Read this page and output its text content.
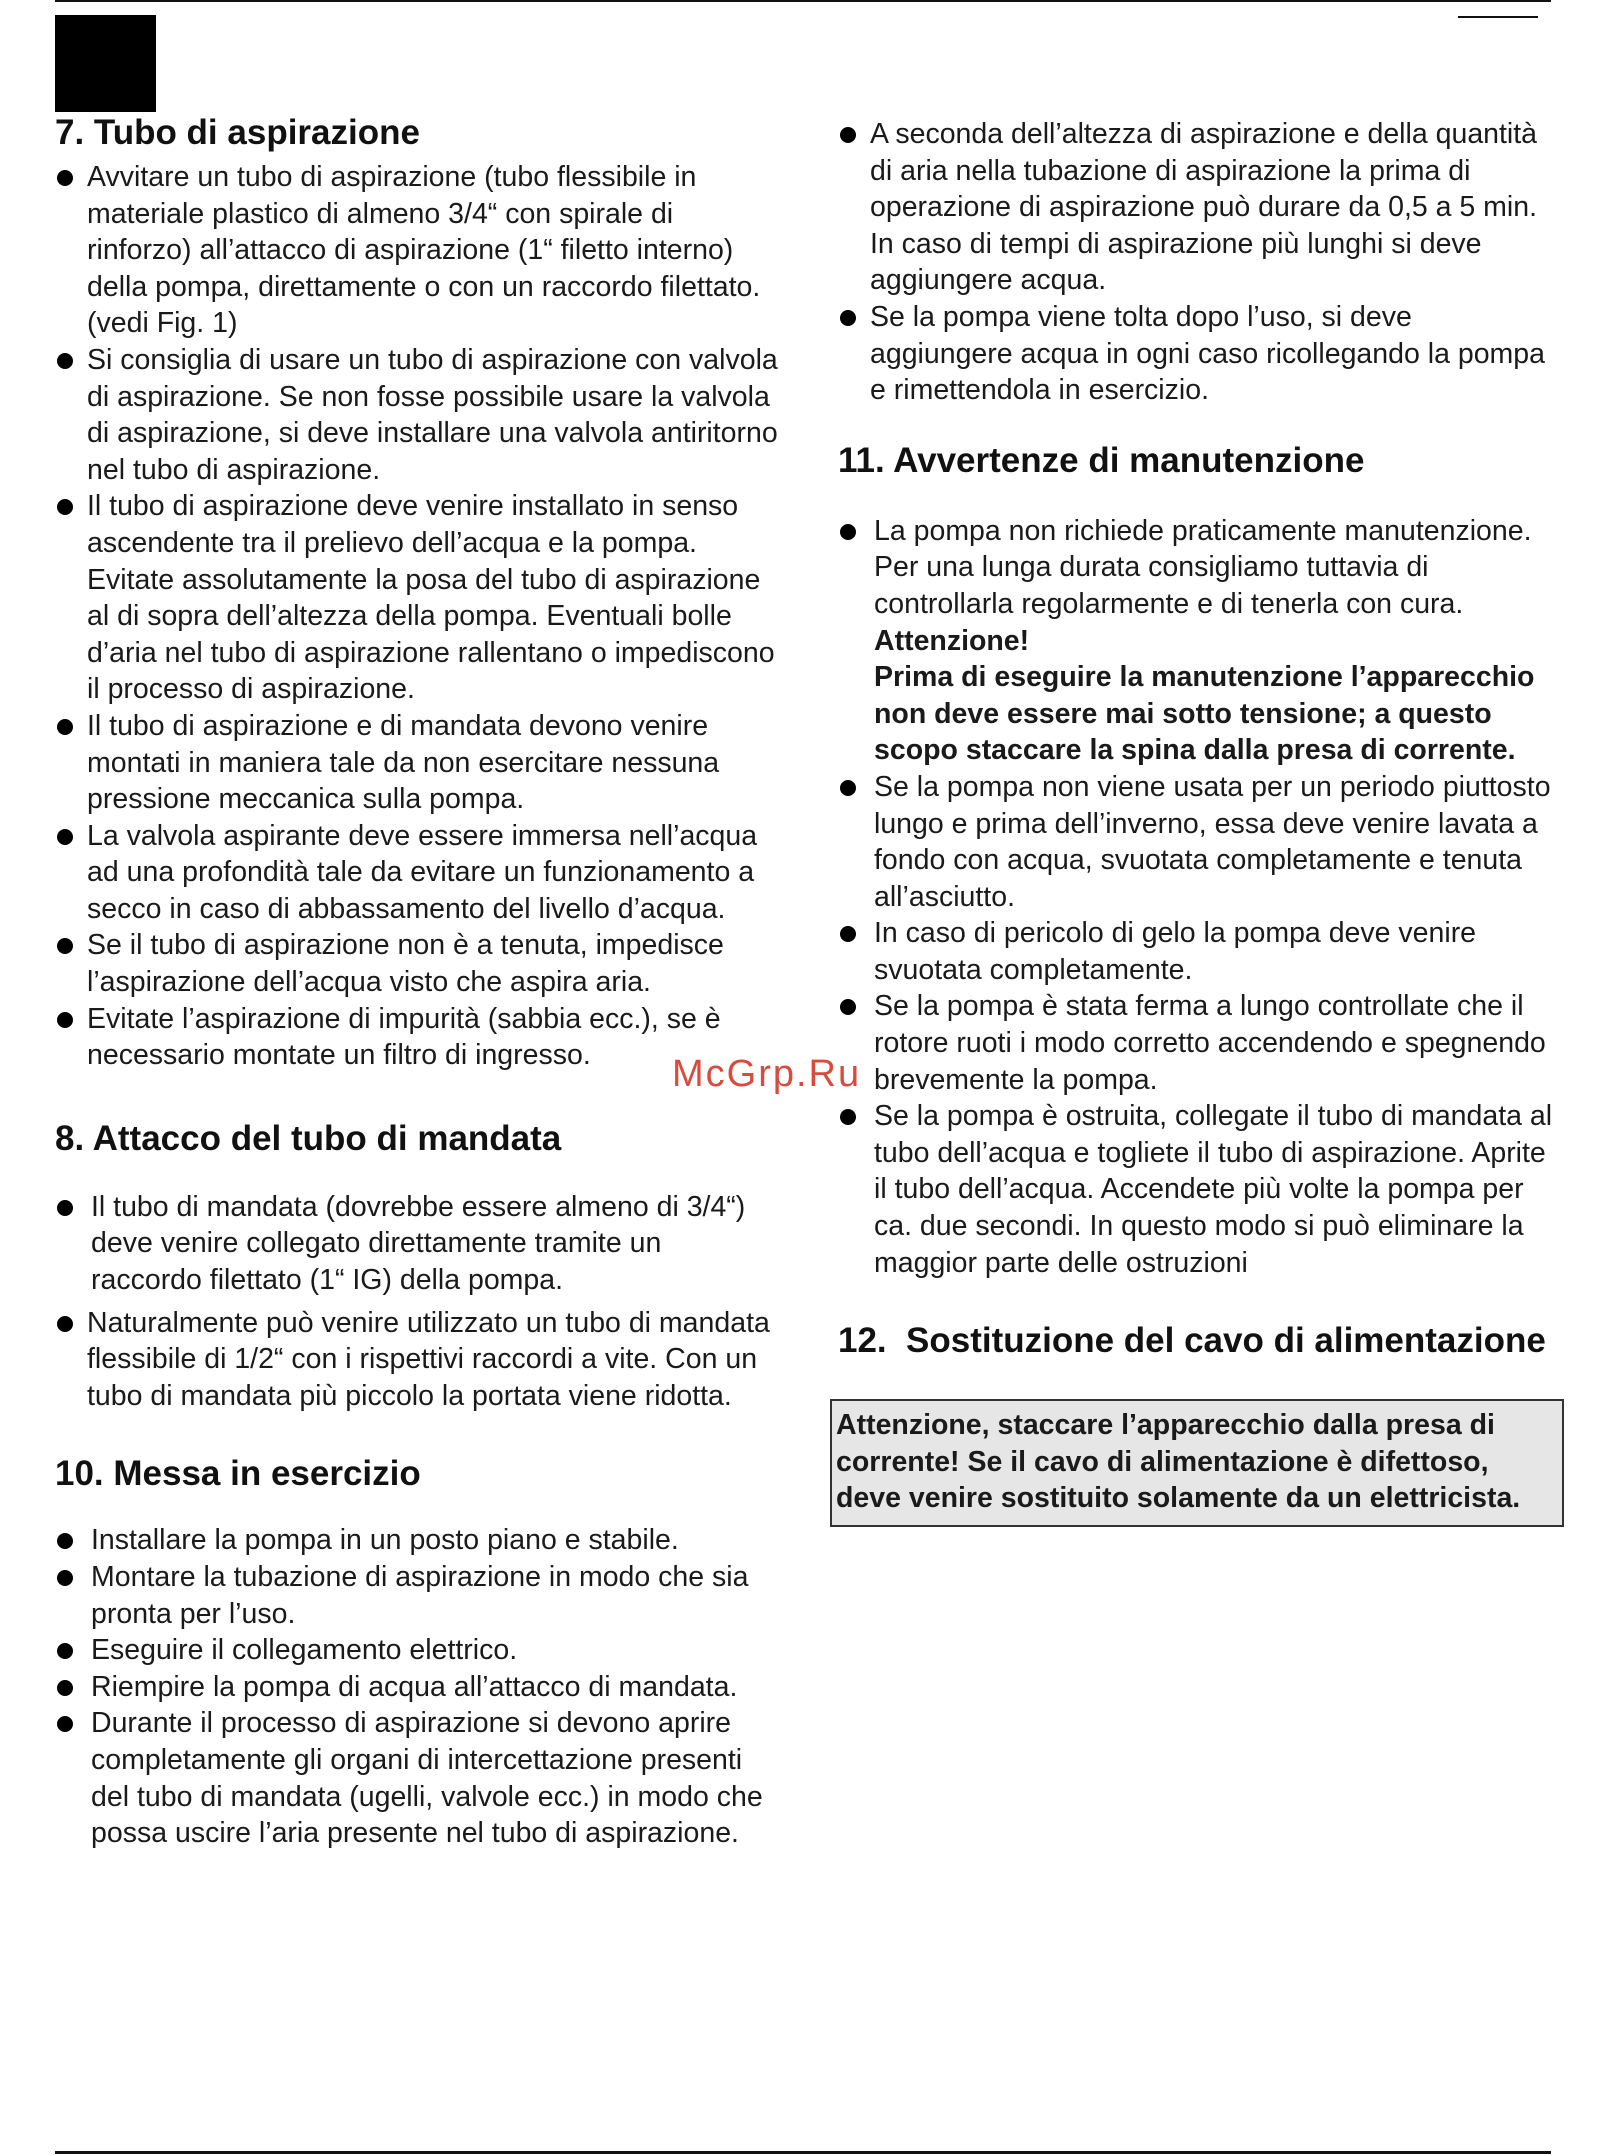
7. Tubo di aspirazione
Avvitare un tubo di aspirazione (tubo flessibile in materiale plastico di almeno 3/4“ con spirale di rinforzo) all’attacco di aspirazione (1“ filetto interno) della pompa, direttamente o con un raccordo filettato. (vedi Fig. 1)
Si consiglia di usare un tubo di aspirazione con valvola di aspirazione. Se non fosse possibile usare la valvola di aspirazione, si deve installare una valvola antiritorno nel tubo di aspirazione.
Il tubo di aspirazione deve venire installato in senso ascendente tra il prelievo dell’acqua e la pompa. Evitate assolutamente la posa del tubo di aspirazione al di sopra dell’altezza della pompa. Eventuali bolle d’aria nel tubo di aspirazione rallentano o impediscono il processo di aspirazione.
Il tubo di aspirazione e di mandata devono venire montati in maniera tale da non esercitare nessuna pressione meccanica sulla pompa.
La valvola aspirante deve essere immersa nell’acqua ad una profondità tale da evitare un funzionamento a secco in caso di abbassamento del livello d’acqua.
Se il tubo di aspirazione non è a tenuta, impedisce l’aspirazione dell’acqua visto che aspira aria.
Evitate l’aspirazione di impurità (sabbia ecc.), se è necessario montate un filtro di ingresso.
8. Attacco del tubo di mandata
Il tubo di mandata (dovrebbe essere almeno di 3/4“) deve venire collegato direttamente tramite un raccordo filettato (1“ IG) della pompa.
Naturalmente può venire utilizzato un tubo di mandata flessibile di 1/2“ con i rispettivi raccordi a vite. Con un tubo di mandata più piccolo la portata viene ridotta.
10. Messa in esercizio
Installare la pompa in un posto piano e stabile.
Montare la tubazione di aspirazione in modo che sia pronta per l’uso.
Eseguire il collegamento elettrico.
Riempire la pompa di acqua all’attacco di mandata.
Durante il processo di aspirazione si devono aprire completamente gli organi di intercettazione presenti del tubo di mandata (ugelli, valvole ecc.) in modo che possa uscire l’aria presente nel tubo di aspirazione.
A seconda dell’altezza di aspirazione e della quantità di aria nella tubazione di aspirazione la prima di operazione di aspirazione può durare da 0,5 a 5 min. In caso di tempi di aspirazione più lunghi si deve aggiungere acqua.
Se la pompa viene tolta dopo l’uso, si deve aggiungere acqua in ogni caso ricollegando la pompa e rimettendola in esercizio.
11. Avvertenze di manutenzione
La pompa non richiede praticamente manutenzione. Per una lunga durata consigliamo tuttavia di controllarla regolarmente e di tenerla con cura.
Attenzione!
Prima di eseguire la manutenzione l’apparecchio non deve essere mai sotto tensione; a questo scopo staccare la spina dalla presa di corrente.
Se la pompa non viene usata per un periodo piuttosto lungo e prima dell’inverno, essa deve venire lavata a fondo con acqua, svuotata completamente e tenuta all’asciutto.
In caso di pericolo di gelo la pompa deve venire svuotata completamente.
Se la pompa è stata ferma a lungo controllate che il rotore ruoti i modo corretto accendendo e spegnendo brevemente la pompa.
Se la pompa è ostruita, collegate il tubo di mandata al tubo dell’acqua e togliete il tubo di aspirazione. Aprite il tubo dell’acqua. Accendete più volte la pompa per ca. due secondi. In questo modo si può eliminare la maggior parte delle ostruzioni
12. Sostituzione del cavo di alimentazione
Attenzione, staccare l’apparecchio dalla presa di corrente! Se il cavo di alimentazione è difettoso, deve venire sostituito solamente da un elettricista.
McGrp.Ru
